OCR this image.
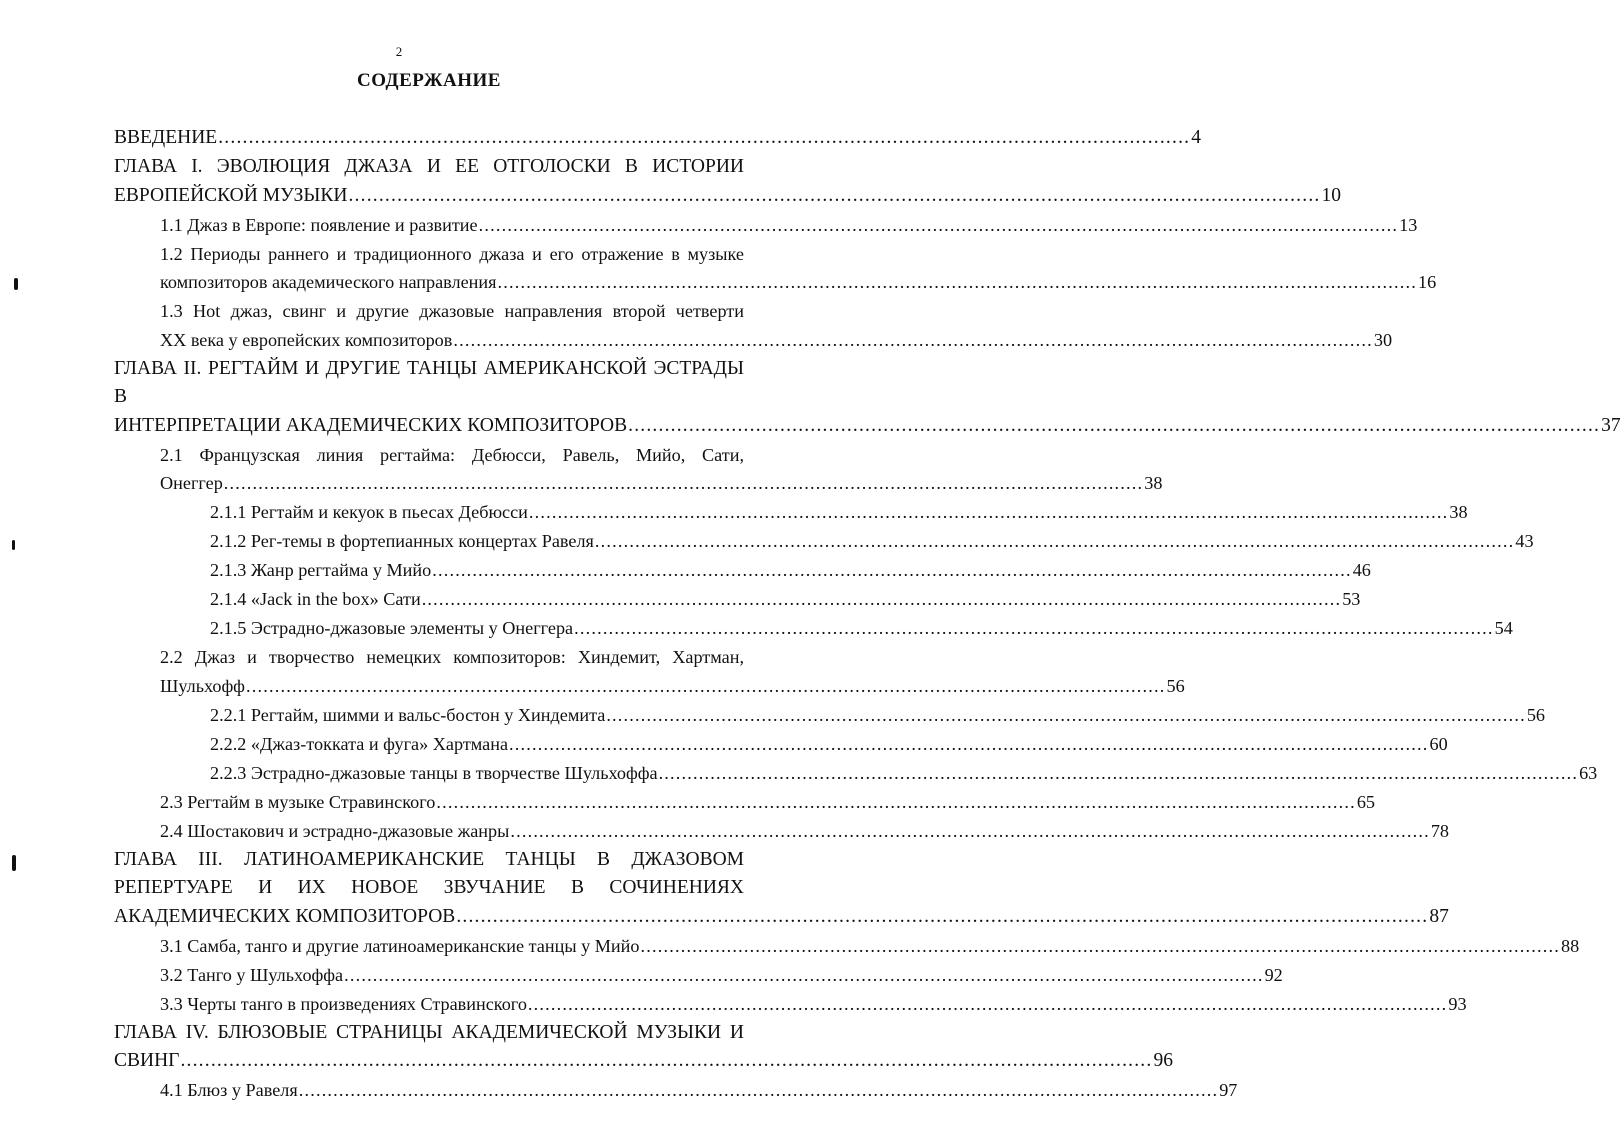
2
СОДЕРЖАНИЕ
ВВЕДЕНИЕ ................................................................................................................................................................ 4
ГЛАВА I. ЭВОЛЮЦИЯ ДЖАЗА И ЕЕ ОТГОЛОСКИ В ИСТОРИИ
ЕВРОПЕЙСКОЙ МУЗЫКИ ................................................................................................................................................................ 10
1.1 Джаз в Европе: появление и развитие ................................................................................................................................................................ 13
1.2 Периоды раннего и традиционного джаза и его отражение в музыке
композиторов академического направления ................................................................................................................................................................ 16
1.3 Hot джаз, свинг и другие джазовые направления второй четверти
XX века у европейских композиторов ................................................................................................................................................................ 30
ГЛАВА II. РЕГТАЙМ И ДРУГИЕ ТАНЦЫ АМЕРИКАНСКОЙ ЭСТРАДЫ В
ИНТЕРПРЕТАЦИИ АКАДЕМИЧЕСКИХ КОМПОЗИТОРОВ ................................................................................................................................................................ 37
2.1 Французская линия регтайма: Дебюсси, Равель, Мийо, Сати,
Онеггер ................................................................................................................................................................ 38
2.1.1 Регтайм и кекуок в пьесах Дебюсси ................................................................................................................................................................ 38
2.1.2 Рег-темы в фортепианных концертах Равеля ................................................................................................................................................................ 43
2.1.3 Жанр регтайма у Мийо ................................................................................................................................................................ 46
2.1.4 «Jack in the box» Сати ................................................................................................................................................................ 53
2.1.5 Эстрадно-джазовые элементы у Онеггера ................................................................................................................................................................ 54
2.2 Джаз и творчество немецких композиторов: Хиндемит, Хартман,
Шульхофф ................................................................................................................................................................ 56
2.2.1 Регтайм, шимми и вальс-бостон у Хиндемита ................................................................................................................................................................ 56
2.2.2 «Джаз-токката и фуга» Хартмана ................................................................................................................................................................ 60
2.2.3 Эстрадно-джазовые танцы в творчестве Шульхоффа ................................................................................................................................................................ 63
2.3 Регтайм в музыке Стравинского ................................................................................................................................................................ 65
2.4 Шостакович и эстрадно-джазовые жанры ................................................................................................................................................................ 78
ГЛАВА III. ЛАТИНОАМЕРИКАНСКИЕ ТАНЦЫ В ДЖАЗОВОМ
РЕПЕРТУАРЕ И ИХ НОВОЕ ЗВУЧАНИЕ В СОЧИНЕНИЯХ
АКАДЕМИЧЕСКИХ КОМПОЗИТОРОВ ................................................................................................................................................................ 87
3.1 Самба, танго и другие латиноамериканские танцы у Мийо ................................................................................................................................................................ 88
3.2 Танго у Шульхоффа ................................................................................................................................................................ 92
3.3 Черты танго в произведениях Стравинского ................................................................................................................................................................ 93
ГЛАВА IV. БЛЮЗОВЫЕ СТРАНИЦЫ АКАДЕМИЧЕСКОЙ МУЗЫКИ И
СВИНГ ................................................................................................................................................................ 96
4.1 Блюз у Равеля ................................................................................................................................................................ 97
